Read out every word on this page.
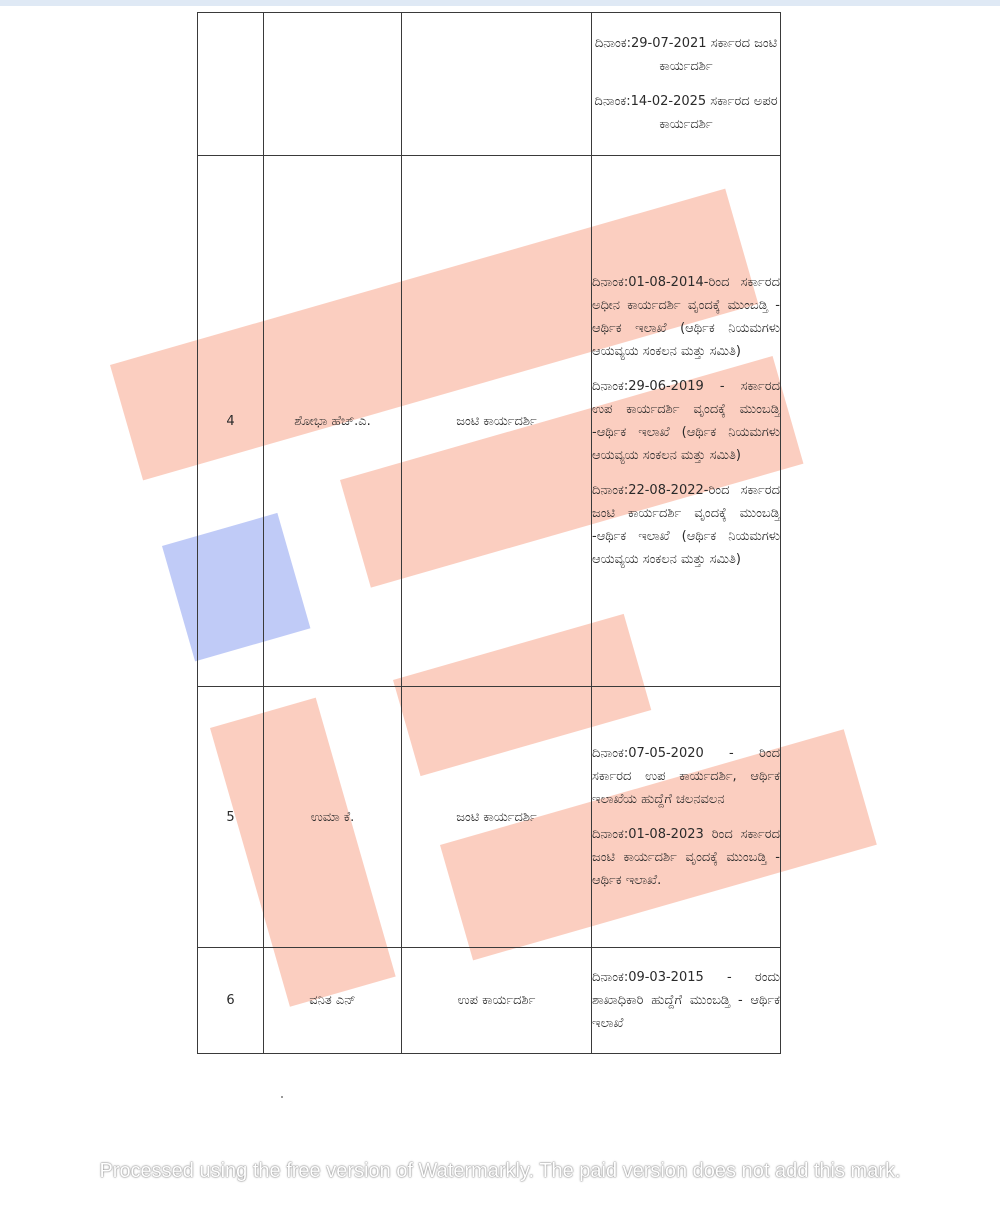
			ದಿನಾಂಕ:29-07-2021 ಸರ್ಕಾರದ ಜಂಟಿ ಕಾರ್ಯದರ್ಶಿ
ದಿನಾಂಕ:14-02-2025 ಸರ್ಕಾರದ ಅಪರ ಕಾರ್ಯದರ್ಶಿ

4	ಶೋಭಾ ಹೆಚ್.ಎ.	ಜಂಟಿ ಕಾರ್ಯದರ್ಶಿ	ದಿನಾಂಕ:01-08-2014-ರಿಂದ ಸರ್ಕಾರದ ಅಧೀನ ಕಾರ್ಯದರ್ಶಿ ವೃಂದಕ್ಕೆ ಮುಂಬಡ್ತಿ - ಆರ್ಥಿಕ ಇಲಾಖೆ (ಆರ್ಥಿಕ ನಿಯಮಗಳು ಆಯವ್ಯಯ ಸಂಕಲನ ಮತ್ತು ಸಮಿತಿ)
ದಿನಾಂಕ:29-06-2019 - ಸರ್ಕಾರದ ಉಪ ಕಾರ್ಯದರ್ಶಿ ವೃಂದಕ್ಕೆ ಮುಂಬಡ್ತಿ -ಆರ್ಥಿಕ ಇಲಾಖೆ (ಆರ್ಥಿಕ ನಿಯಮಗಳು ಆಯವ್ಯಯ ಸಂಕಲನ ಮತ್ತು ಸಮಿತಿ)
ದಿನಾಂಕ:22-08-2022-ರಿಂದ ಸರ್ಕಾರದ ಜಂಟಿ ಕಾರ್ಯದರ್ಶಿ ವೃಂದಕ್ಕೆ ಮುಂಬಡ್ತಿ -ಆರ್ಥಿಕ ಇಲಾಖೆ (ಆರ್ಥಿಕ ನಿಯಮಗಳು ಆಯವ್ಯಯ ಸಂಕಲನ ಮತ್ತು ಸಮಿತಿ)

5	ಉಮಾ ಕೆ.	ಜಂಟಿ ಕಾರ್ಯದರ್ಶಿ	ದಿನಾಂಕ:07-05-2020 - ರಿಂದ ಸರ್ಕಾರದ ಉಪ ಕಾರ್ಯದರ್ಶಿ, ಆರ್ಥಿಕ ಇಲಾಖೆಯ ಹುದ್ದೆಗೆ ಚಲನವಲನ
ದಿನಾಂಕ:01-08-2023 ರಿಂದ ಸರ್ಕಾರದ ಜಂಟಿ ಕಾರ್ಯದರ್ಶಿ ವೃಂದಕ್ಕೆ ಮುಂಬಡ್ತಿ - ಆರ್ಥಿಕ ಇಲಾಖೆ.

6	ವನಿತ ಎನ್	ಉಪ ಕಾರ್ಯದರ್ಶಿ	ದಿನಾಂಕ:09-03-2015 - ರಂದು ಶಾಖಾಧಿಕಾರಿ ಹುದ್ದೆಗೆ ಮುಂಬಡ್ತಿ - ಆರ್ಥಿಕ ಇಲಾಖೆ
Processed using the free version of Watermarkly. The paid version does not add this mark.
